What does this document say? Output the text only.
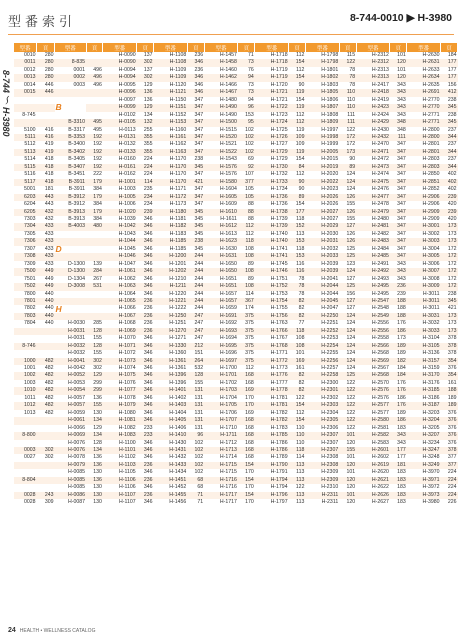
型番索引	8-744-0010 ▶ H-3980
8-744 〜 H-3980
型番	頁	型番	頁	型番	頁	型番	頁	型番	頁	型番	頁	型番	頁	型番	頁	型番	頁
0010	280			H-0090	137	H-1108	236	H-1457	71	H-1718	112	H-1798	115	H-2312	101	H-2630	184
0011	280	8-835		H-0090	302	H-1108	346	H-1458	73	H-1718	154	H-1798	122	H-2312	120	H-2631	177
0012	280	0001	496	H-0094	137	H-1109	236	H-1460	76	H-1719	112	H-1801	78	H-2313	101	H-2633	177
0013	280	0002	496	H-0094	302	H-1109	346	H-1462	94	H-1719	154	H-1802	78	H-2313	120	H-2634	177
0014	446	0003	496	H-0095	129	H-1120	346	H-1466	73	H-1720	90	H-1803	78	H-2417	343	H-2635	156
0015	446			H-0096	136	H-1121	346	H-1467	73	H-1721	119	H-1805	110	H-2418	343	H-2691	412
				H-0097	136	H-1150	347	H-1480	94	H-1721	154	H-1806	110	H-2419	343	H-2770	238
		B		H-0099	129	H-1151	347	H-1490	96	H-1722	119	H-1807	110	H-2423	343	H-2770	345
8-745				H-0102	134	H-1152	347	H-1490	153	H-1723	112	H-1808	111	H-2424	343	H-2771	238
		B-3310	495	H-0105	132	H-1153	347	H-1500	95	H-1724	112	H-1809	111	H-2429	348	H-2771	345
5100	416	B-3317	495	H-0113	255	H-1160	347	H-1515	102	H-1725	119	H-1997	122	H-2430	348	H-2800	237
5111	416	B-3353	192	H-0131	355	H-1161	347	H-1520	102	H-1726	109	H-1998	172	H-2432	111	H-2800	344
5112	419	B-3400	192	H-0132	355	H-1162	347	H-1521	102	H-1727	109	H-1999	172	H-2470	347	H-2801	237
5113	419	B-3402	192	H-0133	355	H-1163	347	H-1522	102	H-1729	119	H-2005	173	H-2471	347	H-2801	344
5114	418	B-3405	192	H-0160	224	H-1170	238	H-1543	69	H-1729	154	H-2015	90	H-2472	347	H-2803	237
5115	418	B-3407	192	H-0161	224	H-1170	345	H-1576	92	H-1730	84	H-2019	89	H-2473	347	H-2803	344
5116	418	B-3451	222	H-0162	224	H-1170	347	H-1576	107	H-1732	112	H-2020	124	H-2474	347	H-2850	402
5117	418	B-3911	179	H-1001	114	H-1170	421	H-1580	377	H-1733	90	H-2022	124	H-2475	347	H-2851	402
5001	181	B-3911	384	H-1003	235	H-1171	347	H-1604	105	H-1734	90	H-2023	124	H-2476	347	H-2852	402
6203	443	B-3912	179	H-1005	234	H-1172	347	H-1605	105	H-1736	89	H-2026	126	H-2477	347	H-2906	239
6204	443	B-3912	384	H-1006	234	H-1173	347	H-1609	88	H-1736	154	H-2026	155	H-2478	347	H-2906	420
6205	432	B-3913	179	H-1020	239	H-1180	345	H-1610	88	H-1738	177	H-2027	126	H-2479	347	H-2909	239
7303	432	B-3913	384	H-1039	346	H-1181	345	H-1611	88	H-1739	118	H-2027	155	H-2480	347	H-2909	420
7304	433	B-4003	480	H-1042	346	H-1182	345	H-1612	112	H-1739	152	H-2029	127	H-2481	347	H-3001	173
7305	433			H-1043	346	H-1183	345	H-1613	112	H-1740	113	H-2030	126	H-2482	347	H-3002	173
7306	433			H-1044	346	H-1185	238	H-1623	118	H-1740	153	H-2031	126	H-2483	347	H-3003	173
7307	433	D		H-1045	346	H-1185	345	H-1630	108	H-1741	118	H-2032	125	H-2484	347	H-3004	172
7308	433			H-1046	346	H-1200	244	H-1631	108	H-1741	153	H-2033	125	H-2485	347	H-3005	172
7309	433	D-1300	139	H-1047	346	H-1201	244	H-1650	89	H-1745	116	H-2039	123	H-2491	343	H-3006	172
7500	449	D-1300	284	H-1061	346	H-1202	244	H-1650	108	H-1746	116	H-2039	124	H-2492	343	H-3007	172
7501	449	D-1304	267	H-1062	346	H-1210	244	H-1651	89	H-1751	78	H-2041	127	H-2493	343	H-3008	172
7502	449	D-3008	531	H-1063	346	H-1211	244	H-1651	108	H-1752	78	H-2044	125	H-2495	236	H-3009	172
7800	440			H-1064	346	H-1220	244	H-1657	114	H-1753	78	H-2044	156	H-2495	239	H-3011	238
7801	440			H-1065	236	H-1221	244	H-1657	367	H-1754	82	H-2045	127	H-2547	188	H-3011	345
7802	440	H		H-1066	236	H-1222	244	H-1659	174	H-1755	82	H-2047	127	H-2548	188	H-3011	421
7803	440			H-1067	236	H-1250	247	H-1691	375	H-1756	82	H-2250	124	H-2549	188	H-3031	173
7804	440	H-0030	285	H-1068	236	H-1251	247	H-1692	375	H-1763	77	H-2251	124	H-2556	176	H-3032	173
		H-0031	128	H-1069	236	H-1270	247	H-1693	375	H-1766	118	H-2252	124	H-2556	186	H-3033	173
		H-0031	155	H-1070	346	H-1271	247	H-1694	375	H-1767	108	H-2253	124	H-2558	173	H-3104	378
8-746		H-0032	128	H-1071	346	H-1330	212	H-1695	375	H-1768	108	H-2254	124	H-2566	189	H-3105	378
		H-0032	155	H-1072	346	H-1360	151	H-1696	375	H-1771	101	H-2255	124	H-2568	189	H-3136	378
1000	482	H-0041	302	H-1073	346	H-1361	264	H-1697	375	H-1772	169	H-2256	124	H-2569	182	H-3157	354
1001	482	H-0042	302	H-1074	346	H-1361	532	H-1700	112	H-1773	161	H-2257	124	H-2567	184	H-3159	376
1002	482	H-0052	129	H-1075	346	H-1396	128	H-1701	168	H-1776	82	H-2258	125	H-2568	184	H-3170	354
1003	482	H-0053	299	H-1076	346	H-1396	155	H-1702	168	H-1777	82	H-2300	122	H-2570	176	H-3176	161
1010	482	H-0054	299	H-1077	346	H-1401	131	H-1703	169	H-1778	82	H-2301	122	H-2576	176	H-3185	188
1011	482	H-0057	136	H-1078	346	H-1402	131	H-1704	170	H-1781	122	H-2302	122	H-2576	186	H-3186	189
1012	482	H-0057	155	H-1079	346	H-1403	131	H-1705	170	H-1781	154	H-2303	122	H-2577	176	H-3187	189
1013	482	H-0059	130	H-1080	346	H-1404	131	H-1706	169	H-1782	112	H-2304	122	H-2577	189	H-3203	376
		H-0061	134	H-1081	346	H-1405	131	H-1707	168	H-1782	154	H-2305	122	H-2580	186	H-3204	376
		H-0066	129	H-1082	233	H-1406	131	H-1710	168	H-1783	110	H-2306	122	H-2581	183	H-3205	376
8-800		H-0069	134	H-1083	233	H-1410	96	H-1711	168	H-1785	110	H-2307	101	H-2582	343	H-3207	376
		H-0076	128	H-1100	346	H-1430	102	H-1712	168	H-1786	110	H-2307	120	H-2583	343	H-3234	376
0003	302	H-0076	134	H-1101	346	H-1431	102	H-1713	168	H-1786	118	H-2307	155	H-2601	177	H-3247	378
0027	302	H-0078	136	H-1102	346	H-1432	102	H-1714	168	H-1789	114	H-2308	101	H-2602	177	H-3248	377
		H-0079	136	H-1103	236	H-1433	102	H-1715	154	H-1790	113	H-2308	120	H-2619	181	H-3249	377
		H-0085	130	H-1105	346	H-1434	102	H-1715	170	H-1791	113	H-2309	101	H-2620	183	H-3970	224
8-804		H-0085	136	H-1106	236	H-1451	68	H-1716	154	H-1794	113	H-2309	120	H-2621	183	H-3971	224
		H-0085	130	H-1106	346	H-1452	68	H-1716	170	H-1794	122	H-2310	120	H-2622	183	H-3972	224
0028	243	H-0086	130	H-1107	236	H-1455	71	H-1717	154	H-1796	113	H-2311	101	H-2626	183	H-3973	224
0028	309	H-0087	130	H-1107	346	H-1456	71	H-1717	170	H-1797	113	H-2311	120	H-2627	183	H-3980	226
24 HEALTH • WELLNESS CATALOG
